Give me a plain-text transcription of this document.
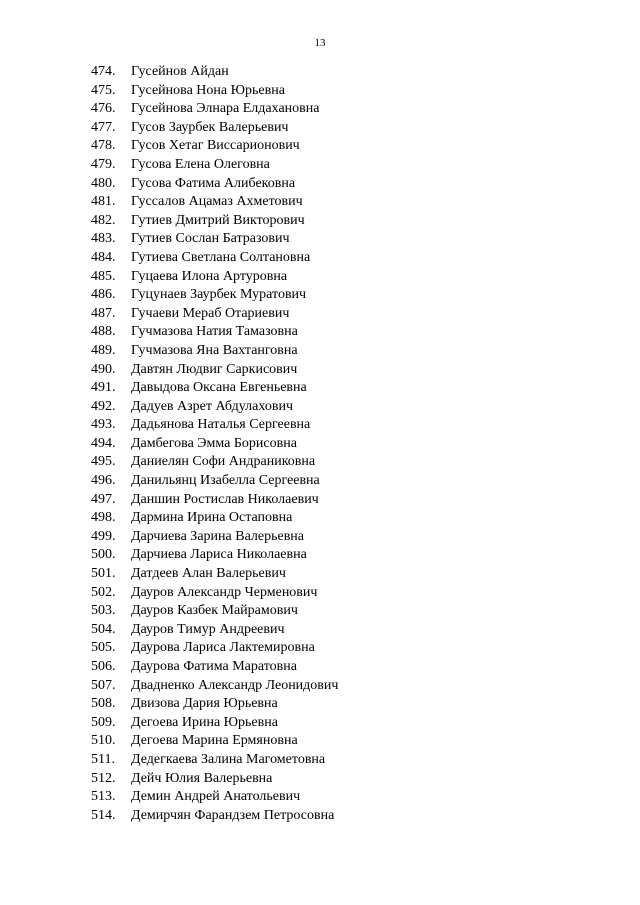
13
474.	Гусейнов Айдан
475.	Гусейнова Нона Юрьевна
476.	Гусейнова Элнара Елдахановна
477.	Гусов Заурбек Валерьевич
478.	Гусов Хетаг Виссарионович
479.	Гусова Елена Олеговна
480.	Гусова Фатима Алибековна
481.	Гуссалов Ацамаз Ахметович
482.	Гутиев Дмитрий Викторович
483.	Гутиев Сослан Батразович
484.	Гутиева Светлана Солтановна
485.	Гуцаева Илона Артуровна
486.	Гуцунаев Заурбек Муратович
487.	Гучаеви Мераб Отариевич
488.	Гучмазова Натия Тамазовна
489.	Гучмазова Яна Вахтанговна
490.	Давтян Людвиг Саркисович
491.	Давыдова Оксана Евгеньевна
492.	Дадуев Азрет Абдулахович
493.	Дадьянова Наталья Сергеевна
494.	Дамбегова Эмма Борисовна
495.	Даниелян Софи Андраниковна
496.	Данильянц Изабелла Сергеевна
497.	Даншин Ростислав Николаевич
498.	Дармина Ирина Остаповна
499.	Дарчиева Зарина Валерьевна
500.	Дарчиева Лариса Николаевна
501.	Датдеев Алан Валерьевич
502.	Дауров Александр Черменович
503.	Дауров Казбек Майрамович
504.	Дауров Тимур Андреевич
505.	Даурова Лариса Лактемировна
506.	Даурова Фатима Маратовна
507.	Двадненко Александр Леонидович
508.	Двизова Дария Юрьевна
509.	Дегоева Ирина Юрьевна
510.	Дегоева Марина Ермяновна
511.	Дедегкаева Залина Магометовна
512.	Дейч Юлия Валерьевна
513.	Демин Андрей Анатольевич
514.	Демирчян Фарандзем Петросовна
